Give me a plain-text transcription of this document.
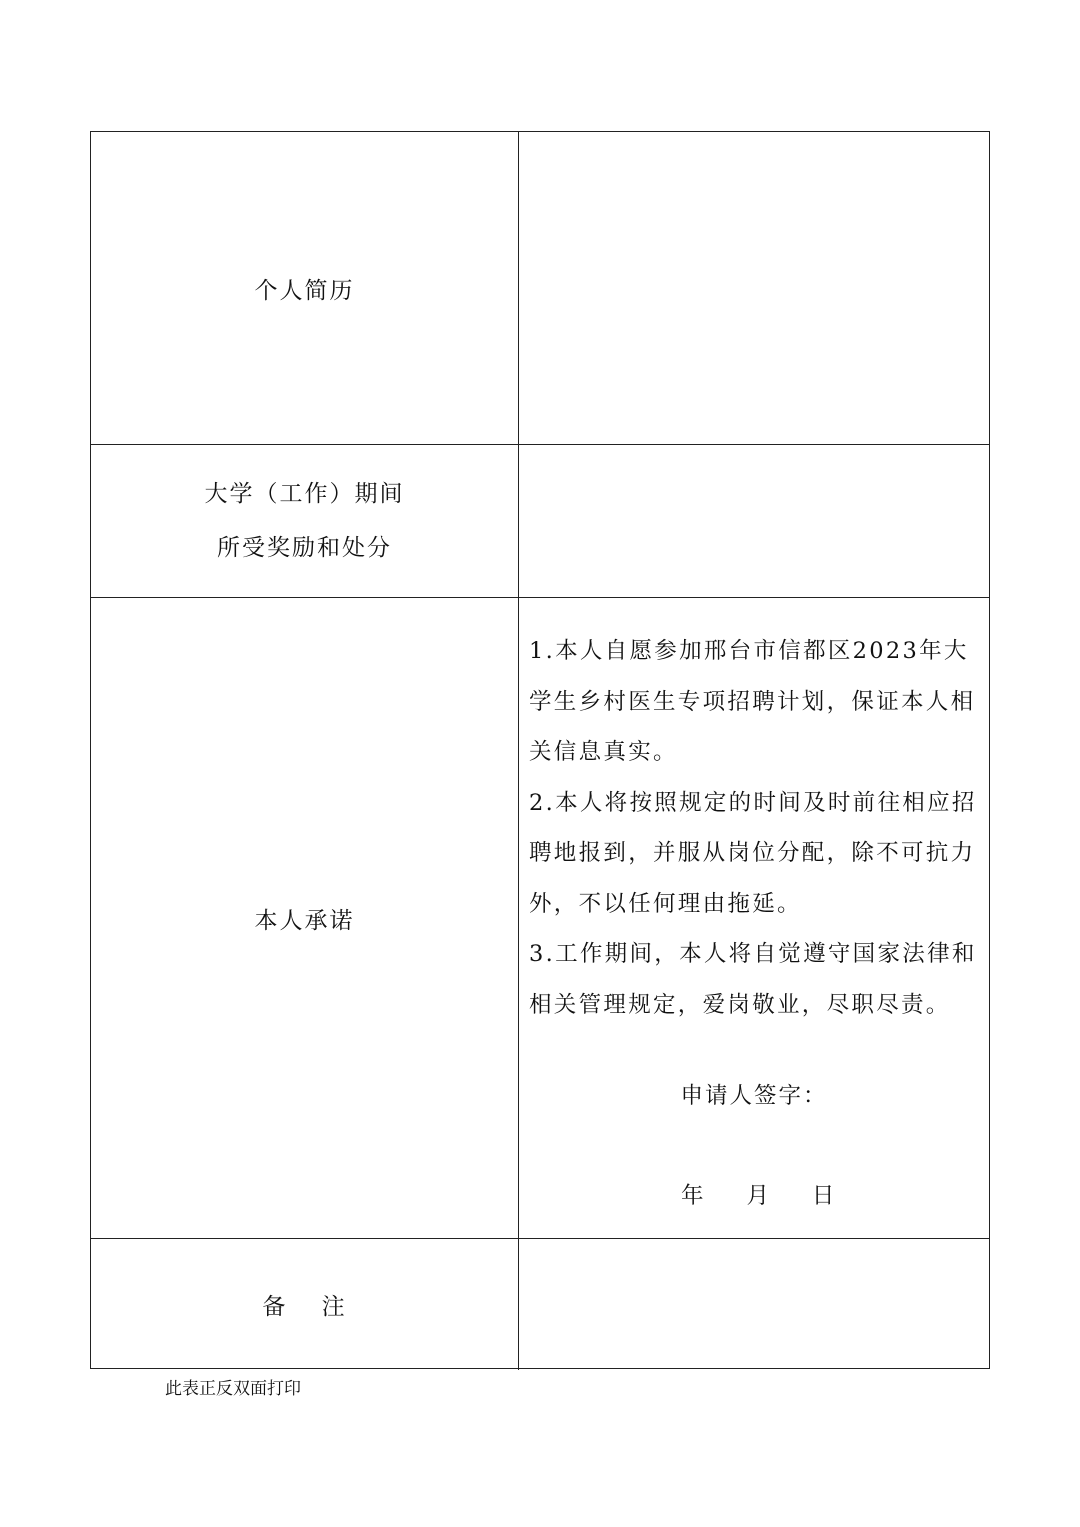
个人简历
大学（工作）期间
所受奖励和处分
本人承诺

1.本人自愿参加邢台市信都区2023年大学生乡村医生专项招聘计划，保证本人相关信息真实。

2.本人将按照规定的时间及时前往相应招聘地报到，并服从岗位分配，除不可抗力外，不以任何理由拖延。

3.工作期间，本人将自觉遵守国家法律和相关管理规定，爱岗敬业，尽职尽责。

申请人签字：
年 月 日
备　 注
此表正反双面打印
